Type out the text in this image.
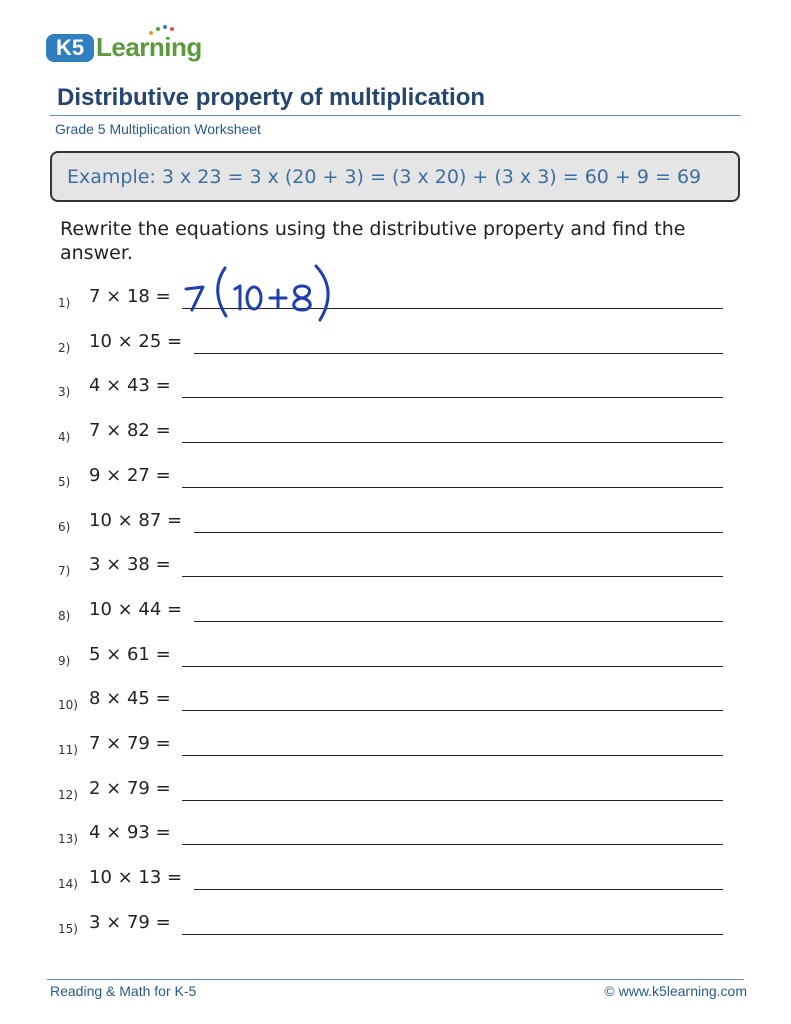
K5 Learning
Distributive property of multiplication
Grade 5 Multiplication Worksheet
Example: 3 x 23 = 3 x (20 + 3) = (3 x 20) + (3 x 3) = 60 + 9 = 69
Rewrite the equations using the distributive property and find the answer.
1) 7 × 18 =
2) 10 × 25 =
3) 4 × 43 =
4) 7 × 82 =
5) 9 × 27 =
6) 10 × 87 =
7) 3 × 38 =
8) 10 × 44 =
9) 5 × 61 =
10) 8 × 45 =
11) 7 × 79 =
12) 2 × 79 =
13) 4 × 93 =
14) 10 × 13 =
15) 3 × 79 =
Reading & Math for K-5	© www.k5learning.com
